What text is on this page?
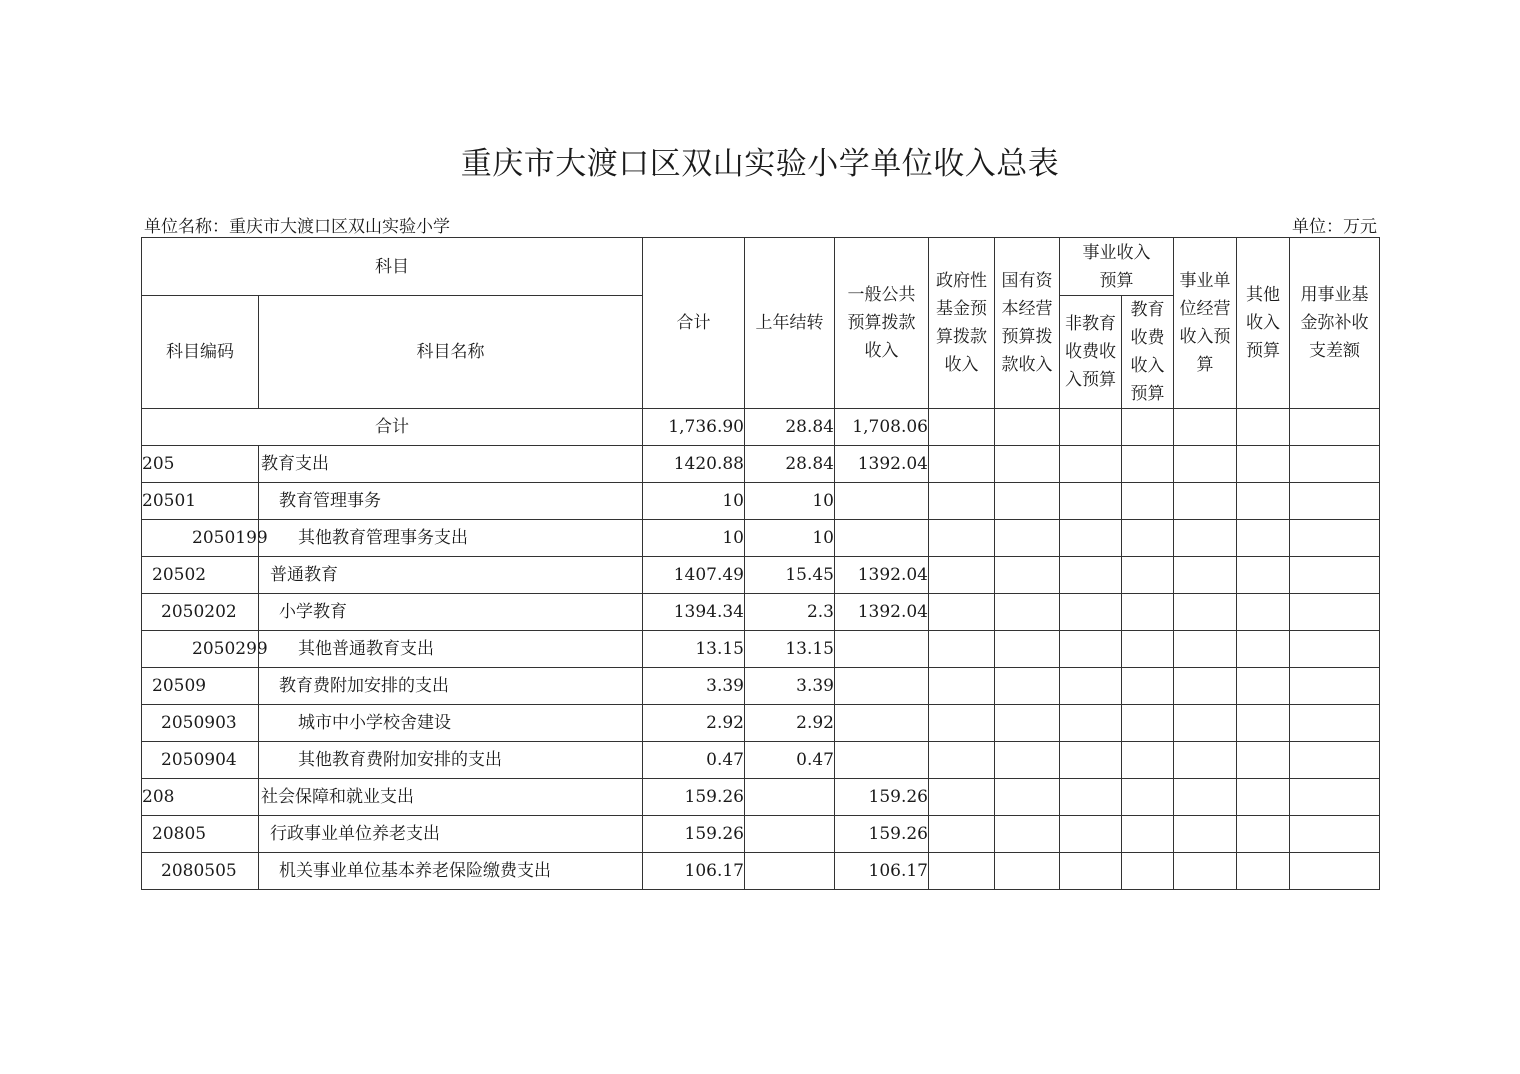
重庆市大渡口区双山实验小学单位收入总表
单位名称：重庆市大渡口区双山实验小学	单位：万元
科目		合计	上年结转	一般公共预算拨款收入	政府性基金预算拨款收入	国有资本经营预算拨款收入	事业收入预算		事业单位经营收入预算	其他收入预算	用事业基金弥补收支差额
科目编码	科目名称						非教育收费收入预算	教育收费收入预算			
合计		1,736.90	28.84	1,708.06							
205	教育支出	1420.88	28.84	1392.04							
20501	教育管理事务	10	10								
2050199	其他教育管理事务支出	10	10								
20502	普通教育	1407.49	15.45	1392.04							
2050202	小学教育	1394.34	2.3	1392.04							
2050299	其他普通教育支出	13.15	13.15								
20509	教育费附加安排的支出	3.39	3.39								
2050903	城市中小学校舍建设	2.92	2.92								
2050904	其他教育费附加安排的支出	0.47	0.47								
208	社会保障和就业支出	159.26		159.26							
20805	行政事业单位养老支出	159.26		159.26							
2080505	机关事业单位基本养老保险缴费支出	106.17		106.17							
